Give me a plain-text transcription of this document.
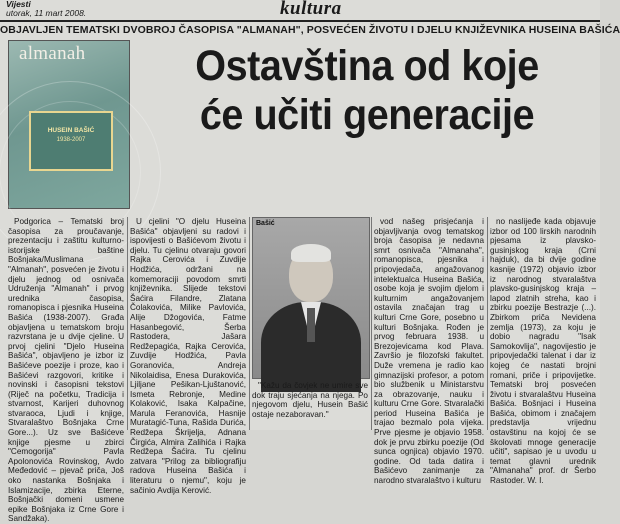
Vijesti
utorak, 11 mart 2008.	kultura
OBJAVLJEN TEMATSKI DVOBROJ ČASOPISA "ALMANAH", POSVEĆEN ŽIVOTU I DJELU KNJIŽEVNIKA HUSEINA BAŠIĆA
almanah
HUSEIN BAŠIĆ
1938-2007
Ostavština od koje
će učiti generacije

Podgorica – Tematski broj časopisa za proučavanje, prezentaciju i zaštitu kulturno-istorijske baštine Bošnjaka/Muslimana "Almanah", posvećen je životu i djelu jednog od osnivača Udruženja "Almanah" i prvog urednika časopisa, romanopisca i pjesnika Huseina Bašića (1938-2007). Građa objavljena u tematskom broju razvrstana je u dvije cjeline. U prvoj cjelini "Djelo Huseina Bašića", objavljeno je izbor iz Bašićeve poezije i proze, kao i Bašićevi razgovori, kritike i novinski i časopisni tekstovi (Riječ na početku, Tradicija i stvarnost, Karijeri duhovnog stvaraoca, Ljudi i knjige, Stvaralaštvo Bošnjaka Crne Gore...). Uz sve Bašićeve knjige pjesme u zbirci "Cemogorija" Pavla Apolonovića Rovinskog, Avdo Međedović – pjevač priča, Još oko nastanka Bošnjaka i Islamizacije, zbirka Eterne, Bošnjački domeni usmene epike Bošnjaka iz Crne Gore i Sandžaka).

U cjelini "O djelu Huseina Bašića" objavljeni su radovi i ispovijesti o Bašićevom životu i djelu. Tu cjelinu otvaraju govori Rajka Cerovića i Zuvdije Hodžića, održani na komemoraciji povodom smrti književnika. Slijede tekstovi Šaćira Filandre, Zlatana Čolakovića, Milike Pavlovića, Alije Džogovića, Fatme Hasanbegović, Šerba Rastodera, Jašara Redžepagića, Rajka Cerovića, Zuvdije Hodžića, Pavla Goranovića, Andreja Nikolaidisa, Enesa Durakovića, Ljiljane Pešikan-Ljuštanović, Ismeta Rebronje, Medine Kolaković, Isaka Kalpačine, Marula Feranovića, Hasnije Muratagić-Tuna, Rašida Durića, Redžepa Škrijelja, Adnana Čirgića, Almira Zalihića i Rajka Redžepa Šaćira. Tu cjelinu zatvara "Prilog za bibliografiju radova Huseina Bašića i literaturu o njemu", koju je sačinio Avdija Kerović.

Bašić

"Kažu da čovjek ne umire sve dok traju sjećanja na njega. Po njegovom djelu, Husein Bašić ostaje nezaboravan."

vod našeg prisjećanja i objavljivanja ovog tematskog broja časopisa je nedavna smrt osnivača "Almanaha", romanopisca, pjesnika i pripovjedača, angažovanog intelektualca Huseina Bašića, osobe koja je svojim djelom i kulturnim angažovanjem ostavila značajan trag u kulturi Crne Gore, posebno u kulturi Bošnjaka. Rođen je prvog februara 1938. u Brezojevicama kod Plava. Završio je filozofski fakultet. Duže vremena je radio kao gimnazijski profesor, a potom bio službenik u Ministarstvu za obrazovanje, nauku i kulturu Crne Gore. Stvaralački period Huseina Bašića je trajao bezmalo pola vijeka. Prve pjesme je objavio 1958. dok je prvu zbirku poezije (Od sunca ognjica) objavio 1970. godine. Od tada datira i Bašićevo zanimanje za narodno stvaralaštvo i kulturu

no naslijeđe kada objavuje izbor od 100 lirskih narodnih pjesama iz plavsko-gusinjskog kraja (Crni hajduk), da bi dvije godine kasnije (1972) objavio izbor iz narodnog stvaralaštva plavsko-gusinjskog kraja – lapod zlatnih streha, kao i zbirku poezije Bestrazje (...). Zbirkom priča Nevidena zemlja (1973), za koju je dobio nagradu "Isak Samokovlija", nagovijestio je pripovjedački talenat i dar iz kojeg će nastati brojni romani, priče i pripovijetke. Tematski broj posvećen životu i stvaralaštvu Huseina Bašića. Bošnjaci i Huseina Bašića, obimom i značajem predstavlja vrijednu ostavštinu na kojoj će se školovati mnoge generacije učiti", sapisao je u uvodu u temat glavni urednik "Almanaha" prof. dr Šerbo Rastoder. W. I.
